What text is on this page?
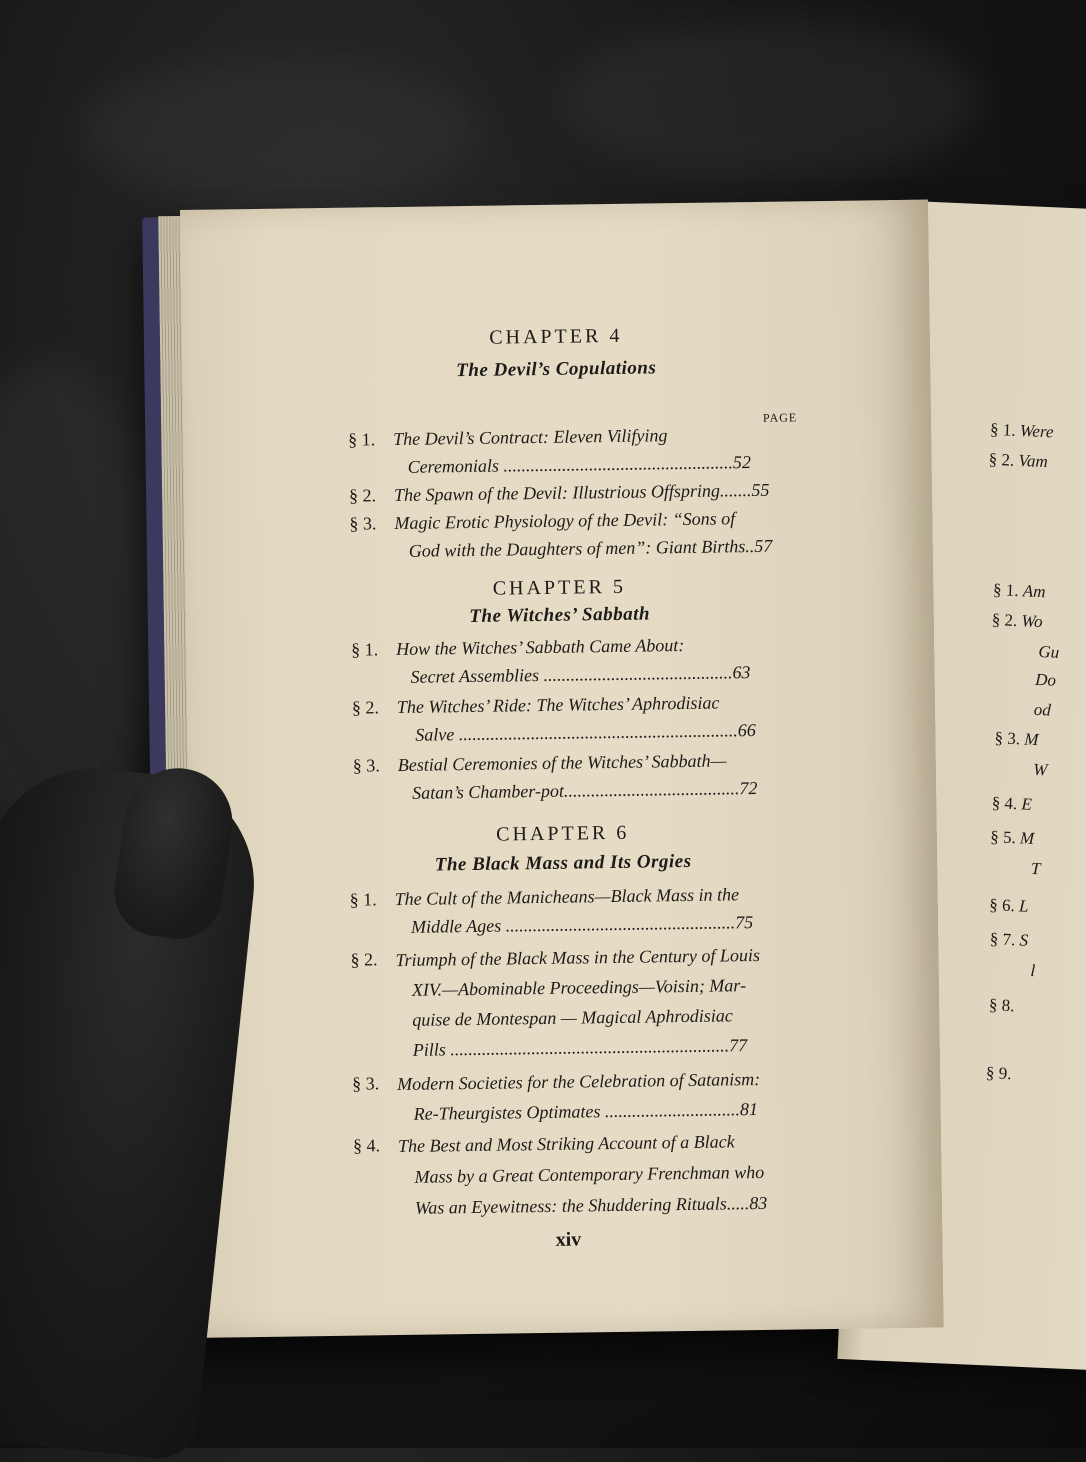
§ 1. Were
§ 2. Vam
§ 1. Am
§ 2. Wo
Gu
Do
od
§ 3. M
W
§ 4. E
§ 5. M
T
§ 6. L
§ 7. S
l
§ 8.
§ 9.
CHAPTER 4
The Devil’s Copulations
PAGE
§ 1. The Devil’s Contract: Eleven Vilifying
Ceremonials ...................................................52
§ 2. The Spawn of the Devil: Illustrious Offspring.......55
§ 3. Magic Erotic Physiology of the Devil: “Sons of
God with the Daughters of men”: Giant Births..57
CHAPTER 5
The Witches’ Sabbath
§ 1. How the Witches’ Sabbath Came About:
Secret Assemblies ..........................................63
§ 2. The Witches’ Ride: The Witches’ Aphrodisiac
Salve ..............................................................66
§ 3. Bestial Ceremonies of the Witches’ Sabbath—
Satan’s Chamber-pot.......................................72
CHAPTER 6
The Black Mass and Its Orgies
§ 1. The Cult of the Manicheans—Black Mass in the
Middle Ages ...................................................75
§ 2. Triumph of the Black Mass in the Century of Louis
XIV.—Abominable Proceedings—Voisin; Mar-
quise de Montespan — Magical Aphrodisiac
Pills ..............................................................77
§ 3. Modern Societies for the Celebration of Satanism:
Re-Theurgistes Optimates ..............................81
§ 4. The Best and Most Striking Account of a Black
Mass by a Great Contemporary Frenchman who
Was an Eyewitness: the Shuddering Rituals.....83
xiv
